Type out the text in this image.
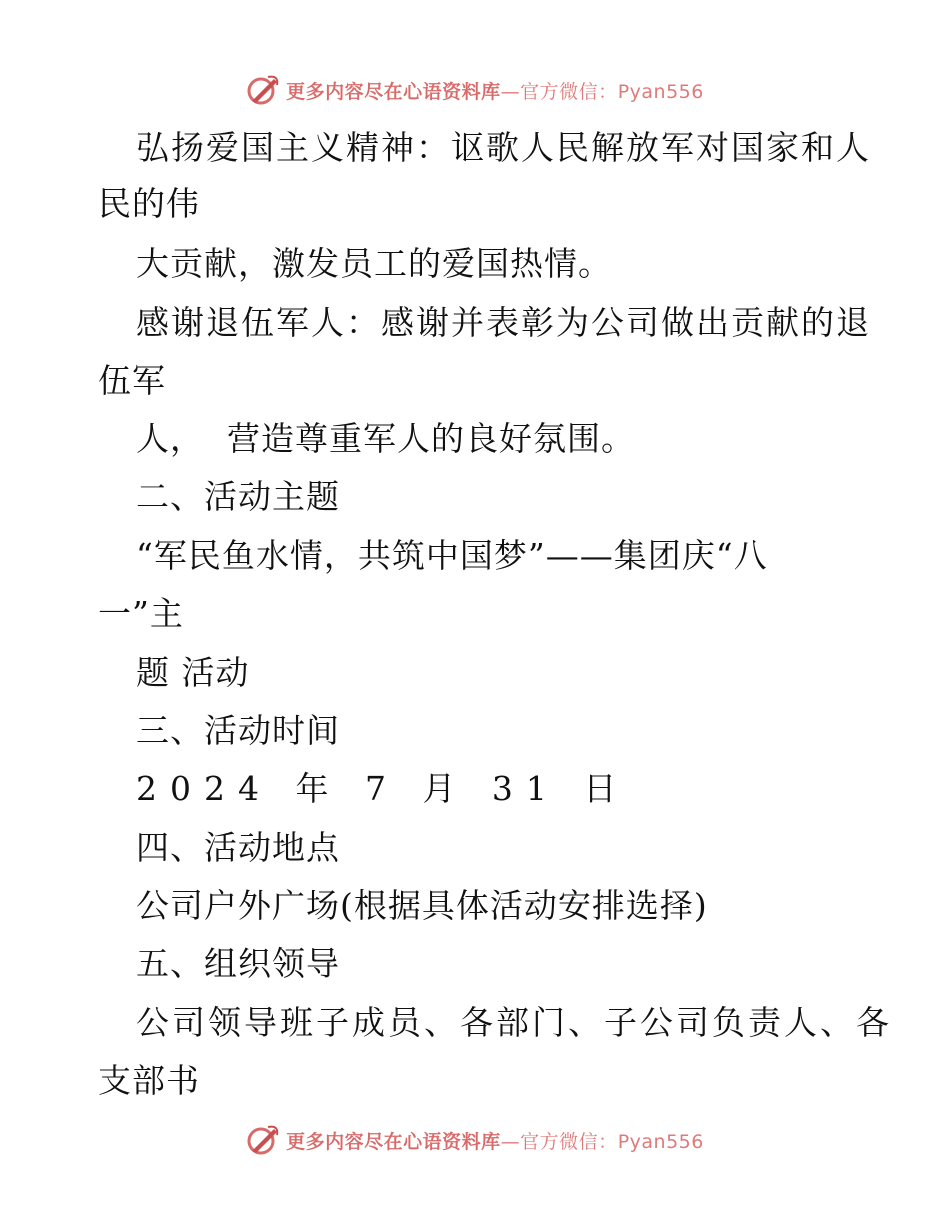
更多内容尽在心语资料库—官方微信：Pyan556
弘扬爱国主义精神：讴歌人民解放军对国家和人
民的伟
大贡献，激发员工的爱国热情。
感谢退伍军人：感谢并表彰为公司做出贡献的退
伍军
人，  营造尊重军人的良好氛围。
二、活动主题
“军民鱼水情，共筑中国梦”——集团庆“八
一”主
题 活动
三、活动时间
2024 年 7 月 31 日
四、活动地点
公司户外广场(根据具体活动安排选择)
五、组织领导
公司领导班子成员、各部门、子公司负责人、各
支部书
更多内容尽在心语资料库—官方微信：Pyan556
